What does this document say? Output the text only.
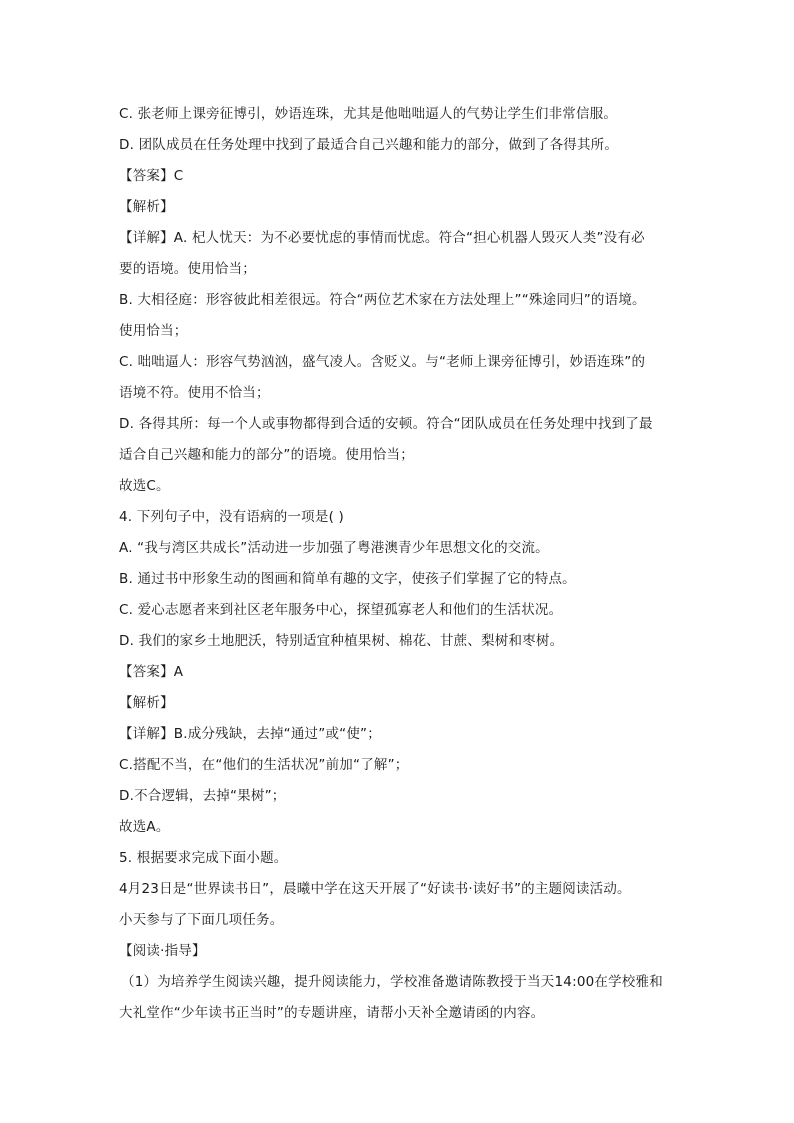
C. 张老师上课旁征博引，妙语连珠，尤其是他咄咄逼人的气势让学生们非常信服。
D. 团队成员在任务处理中找到了最适合自己兴趣和能力的部分，做到了各得其所。
【答案】C
【解析】
【详解】A. 杞人忧天：为不必要忧虑的事情而忧虑。符合“担心机器人毁灭人类”没有必
要的语境。使用恰当；
B. 大相径庭：形容彼此相差很远。符合“两位艺术家在方法处理上”“殊途同归”的语境。
使用恰当；
C. 咄咄逼人：形容气势汹汹，盛气凌人。含贬义。与“老师上课旁征博引，妙语连珠”的
语境不符。使用不恰当；
D. 各得其所：每一个人或事物都得到合适的安顿。符合“团队成员在任务处理中找到了最
适合自己兴趣和能力的部分”的语境。使用恰当；
故选C。
4. 下列句子中，没有语病的一项是( )
A. “我与湾区共成长”活动进一步加强了粤港澳青少年思想文化的交流。
B. 通过书中形象生动的图画和简单有趣的文字，使孩子们掌握了它的特点。
C. 爱心志愿者来到社区老年服务中心，探望孤寡老人和他们的生活状况。
D. 我们的家乡土地肥沃，特别适宜种植果树、棉花、甘蔗、梨树和枣树。
【答案】A
【解析】
【详解】B.成分残缺，去掉“通过”或“使”；
C.搭配不当，在“他们的生活状况”前加“了解”；
D.不合逻辑，去掉“果树”；
故选A。
5. 根据要求完成下面小题。
4月23日是“世界读书日”，晨曦中学在这天开展了“好读书·读好书”的主题阅读活动。
小天参与了下面几项任务。
【阅读·指导】
（1）为培养学生阅读兴趣，提升阅读能力，学校准备邀请陈教授于当天14:00在学校雅和
大礼堂作“少年读书正当时”的专题讲座，请帮小天补全邀请函的内容。
